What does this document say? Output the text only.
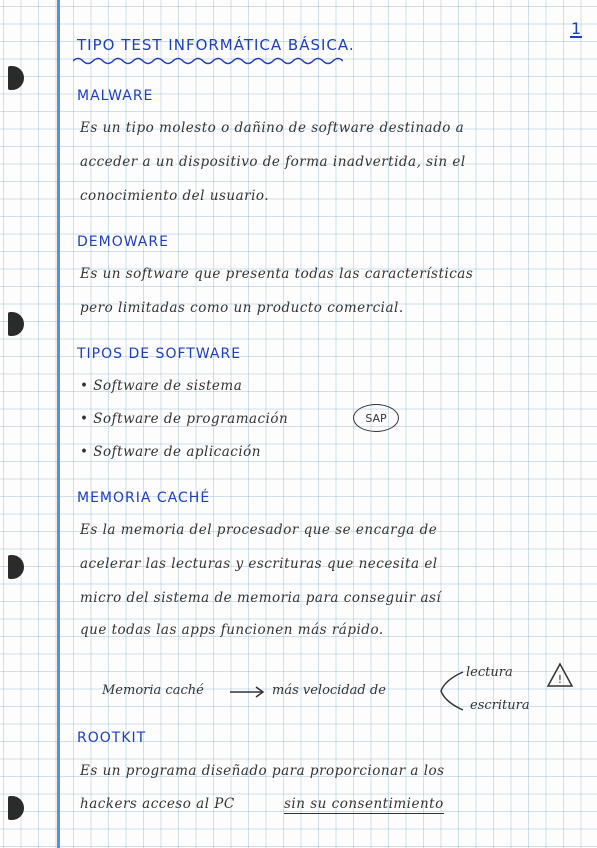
TIPO TEST INFORMÁTICA BÁSICA.
1
MALWARE
Es un tipo molesto o dañino de software destinado a
acceder a un dispositivo de forma inadvertida, sin el
conocimiento del usuario.
DEMOWARE
Es un software que presenta todas las características
pero limitadas como un producto comercial.
TIPOS DE SOFTWARE
• Software de sistema
• Software de programación
• Software de aplicación
SAP
MEMORIA CACHÉ
Es la memoria del procesador que se encarga de
acelerar las lecturas y escrituras que necesita el
micro del sistema de memoria para conseguir así
que todas las apps funcionen más rápido.
Memoria caché	más velocidad de
lectura
escritura
!
ROOTKIT
Es un programa diseñado para proporcionar a los
hackers acceso al PC	sin su consentimiento
